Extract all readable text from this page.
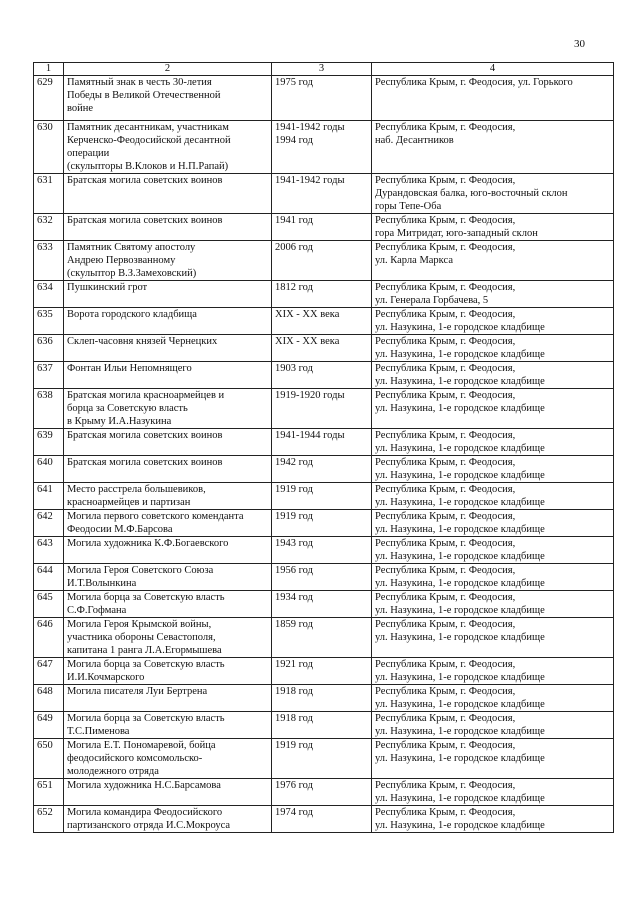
30
1	2	3	4
629	Памятный знак в честь 30-летия
Победы в Великой Отечественной
войне	1975 год	Республика Крым, г. Феодосия, ул. Горького
630	Памятник десантникам, участникам
Керченско-Феодосийской десантной
операции
(скульпторы В.Клоков и Н.П.Рапай)	1941-1942 годы
1994 год	Республика Крым, г. Феодосия,
наб. Десантников
631	Братская могила советских воинов	1941-1942 годы	Республика Крым, г. Феодосия,
Дурандовская балка, юго-восточный склон
горы Тепе-Оба
632	Братская могила советских воинов	1941 год	Республика Крым, г. Феодосия,
гора Митридат, юго-западный склон
633	Памятник Святому апостолу
Андрею Первозванному
(скульптор В.З.Замеховский)	2006 год	Республика Крым, г. Феодосия,
ул. Карла Маркса
634	Пушкинский грот	1812 год	Республика Крым, г. Феодосия,
ул. Генерала Горбачева, 5
635	Ворота городского кладбища	XIX - XX века	Республика Крым, г. Феодосия,
ул. Назукина, 1-е городское кладбище
636	Склеп-часовня князей Чернецких	XIX - XX века	Республика Крым, г. Феодосия,
ул. Назукина, 1-е городское кладбище
637	Фонтан Ильи Непомнящего	1903 год	Республика Крым, г. Феодосия,
ул. Назукина, 1-е городское кладбище
638	Братская могила красноармейцев и
борца за Советскую власть
в Крыму И.А.Назукина	1919-1920 годы	Республика Крым, г. Феодосия,
ул. Назукина, 1-е городское кладбище
639	Братская могила советских воинов	1941-1944 годы	Республика Крым, г. Феодосия,
ул. Назукина, 1-е городское кладбище
640	Братская могила советских воинов	1942 год	Республика Крым, г. Феодосия,
ул. Назукина, 1-е городское кладбище
641	Место расстрела большевиков,
красноармейцев и партизан	1919 год	Республика Крым, г. Феодосия,
ул. Назукина, 1-е городское кладбище
642	Могила первого советского коменданта
Феодосии М.Ф.Барсова	1919 год	Республика Крым, г. Феодосия,
ул. Назукина, 1-е городское кладбище
643	Могила художника К.Ф.Богаевского	1943 год	Республика Крым, г. Феодосия,
ул. Назукина, 1-е городское кладбище
644	Могила Героя Советского Союза
И.Т.Волынкина	1956 год	Республика Крым, г. Феодосия,
ул. Назукина, 1-е городское кладбище
645	Могила борца за Советскую власть
С.Ф.Гофмана	1934 год	Республика Крым, г. Феодосия,
ул. Назукина, 1-е городское кладбище
646	Могила Героя Крымской войны,
участника обороны Севастополя,
капитана 1 ранга Л.А.Егормышева	1859 год	Республика Крым, г. Феодосия,
ул. Назукина, 1-е городское кладбище
647	Могила борца за Советскую власть
И.И.Кочмарского	1921 год	Республика Крым, г. Феодосия,
ул. Назукина, 1-е городское кладбище
648	Могила писателя Луи Бертрена	1918 год	Республика Крым, г. Феодосия,
ул. Назукина, 1-е городское кладбище
649	Могила борца за Советскую власть
Т.С.Пименова	1918 год	Республика Крым, г. Феодосия,
ул. Назукина, 1-е городское кладбище
650	Могила Е.Т. Пономаревой, бойца
феодосийского комсомольско-
молодежного отряда	1919 год	Республика Крым, г. Феодосия,
ул. Назукина, 1-е городское кладбище
651	Могила художника Н.С.Барсамова	1976 год	Республика Крым, г. Феодосия,
ул. Назукина, 1-е городское кладбище
652	Могила командира Феодосийского
партизанского отряда И.С.Мокроуса	1974 год	Республика Крым, г. Феодосия,
ул. Назукина, 1-е городское кладбище
